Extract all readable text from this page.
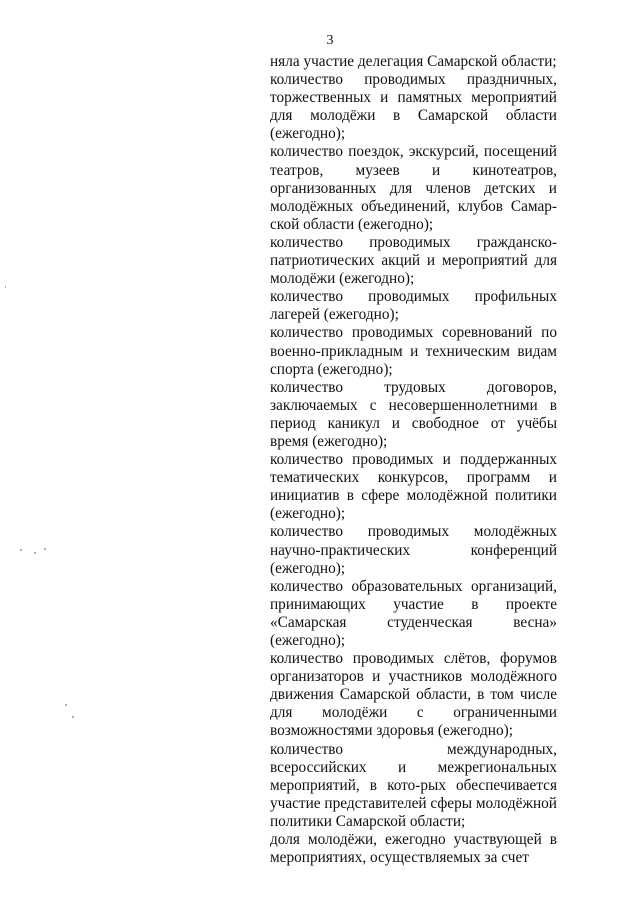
3

няла участие делегация Самарской области;

количество проводимых праздничных, торжественных и памятных мероприятий для молодёжи в Самарской области (ежегодно);

количество поездок, экскурсий, посещений театров, музеев и кинотеатров, организованных для членов детских и молодёжных объединений, клубов Самар-ской области (ежегодно);

количество проводимых гражданско-патриотических акций и мероприятий для молодёжи (ежегодно);

количество проводимых профильных лагерей (ежегодно);

количество проводимых соревнований по военно-прикладным и техническим видам спорта (ежегодно);

количество трудовых договоров, заключаемых с несовершеннолетними в период каникул и свободное от учёбы время (ежегодно);

количество проводимых и поддержанных тематических конкурсов, программ и инициатив в сфере молодёжной политики (ежегодно);

количество проводимых молодёжных научно-практических конференций (ежегодно);

количество образовательных организаций, принимающих участие в проекте «Самарская студенческая весна» (ежегодно);

количество проводимых слётов, форумов организаторов и участников молодёжного движения Самарской области, в том числе для молодёжи с ограниченными возможностями здоровья (ежегодно);

количество международных, всероссийских и межрегиональных мероприятий, в кото-рых обеспечивается участие представителей сферы молодёжной политики Самарской области;

доля молодёжи, ежегодно участвующей в мероприятиях, осуществляемых за счет
